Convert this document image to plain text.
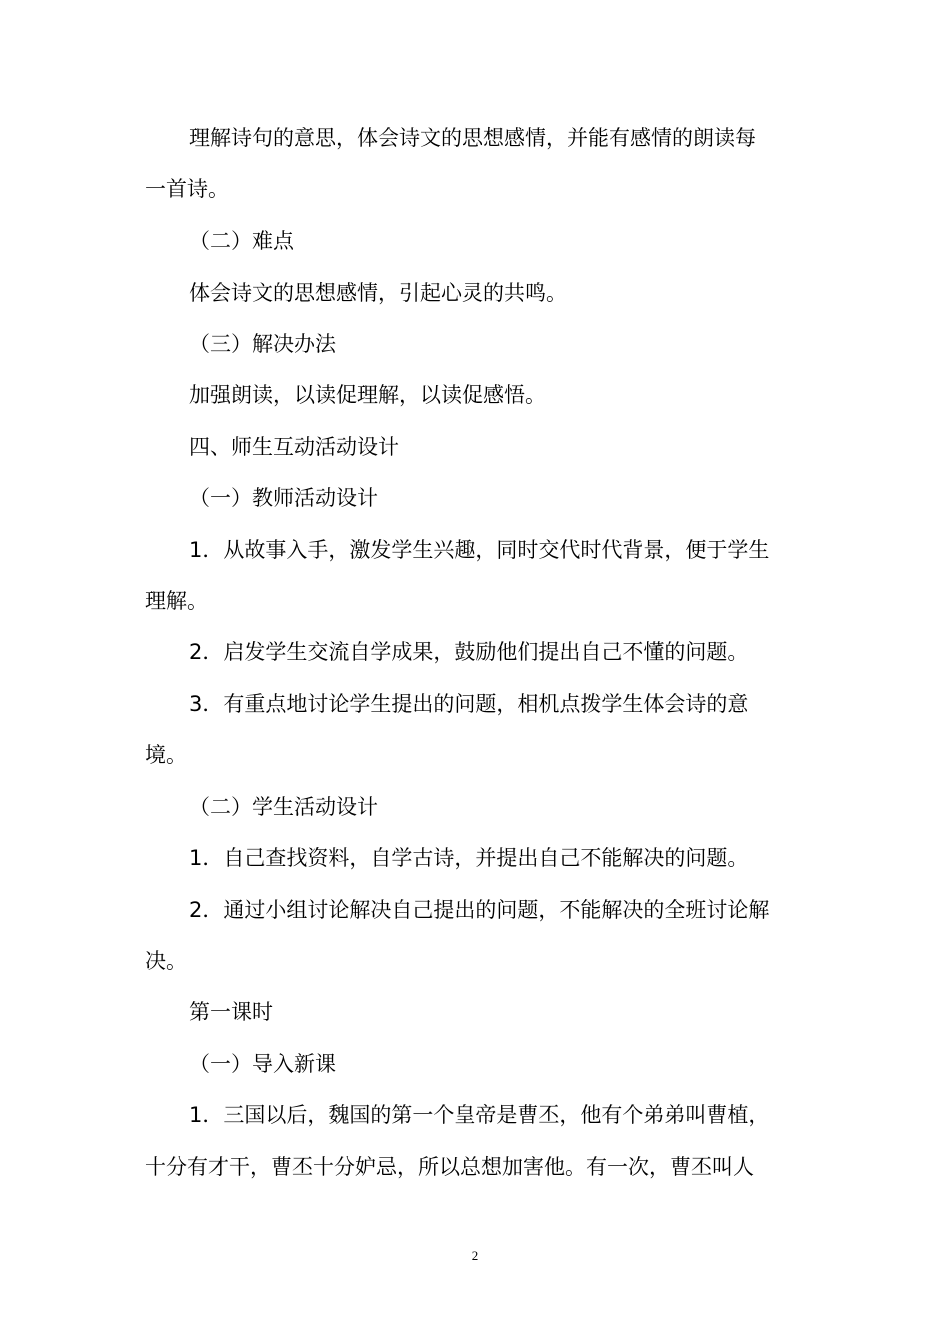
理解诗句的意思，体会诗文的思想感情，并能有感情的朗读每
一首诗。
（二）难点
体会诗文的思想感情，引起心灵的共鸣。
（三）解决办法
加强朗读，以读促理解，以读促感悟。
四、师生互动活动设计
（一）教师活动设计
1．从故事入手，激发学生兴趣，同时交代时代背景，便于学生
理解。
2．启发学生交流自学成果，鼓励他们提出自己不懂的问题。
3．有重点地讨论学生提出的问题，相机点拨学生体会诗的意
境。
（二）学生活动设计
1．自己查找资料，自学古诗，并提出自己不能解决的问题。
2．通过小组讨论解决自己提出的问题，不能解决的全班讨论解
决。
第一课时
（一）导入新课
1．三国以后，魏国的第一个皇帝是曹丕，他有个弟弟叫曹植，
十分有才干，曹丕十分妒忌，所以总想加害他。有一次，曹丕叫人
2
